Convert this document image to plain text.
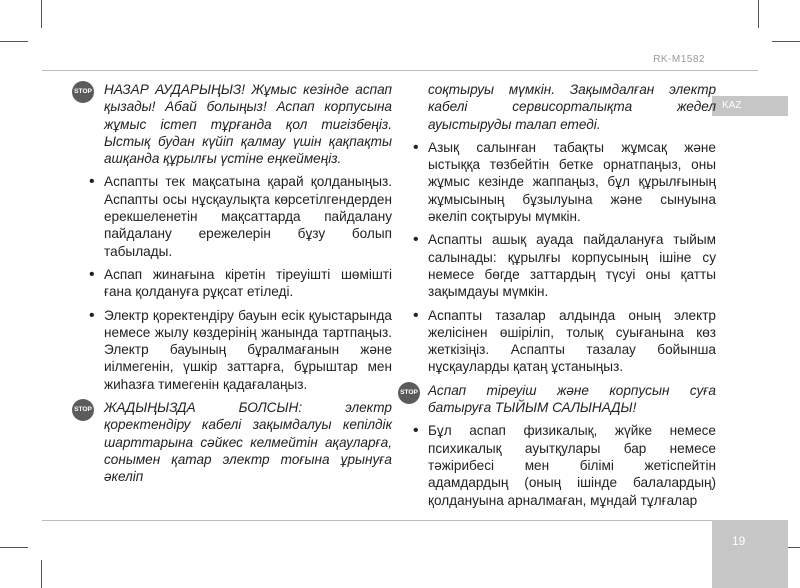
RK-M1582
KAZ
19
STOP НАЗАР АУДАРЫҢЫЗ! Жұмыс кезінде аспап қызады! Абай болыңыз! Аспап корпусына жұмыс істеп тұрғанда қол тигізбеңіз. Ыстық будан күйіп қалмау үшін қақпақты ашқанда құрылғы үстіне еңкеймеңіз.
• Аспапты тек мақсатына қарай қолданыңыз. Аспапты осы нұсқаулықта көрсетілгендерден ерекшеленетін мақсаттарда пайдалану пайдалану ережелерін бұзу болып табылады.
• Аспап жинағына кіретін тіреуішті шөмішті ғана қолдануға рұқсат етіледі.
• Электр қоректендіру бауын есік қуыстарында немесе жылу көздерінің жанында тартпаңыз. Электр бауының бұралмағанын және иілмегенін, үшкір заттарға, бұрыштар мен жиһазға тимегенін қадағалаңыз.
STOP ЖАДЫҢЫЗДА БОЛСЫН: электр қоректендіру кабелі зақымдалуы кепілдік шарттарына сәйкес келмейтін ақауларға, сонымен қатар электр тоғына ұрынуға әкеліп
соқтыруы мүмкін. Зақымдалған электр кабелі сервисорталықта жедел ауыстыруды талап етеді.
• Азық салынған табақты жұмсақ және ыстыққа төзбейтін бетке орнатпаңыз, оны жұмыс кезінде жаппаңыз, бұл құрылғының жұмысының бұзылуына және сынуына әкеліп соқтыруы мүмкін.
• Аспапты ашық ауада пайдалануға тыйым салынады: құрылғы корпусының ішіне су немесе бөгде заттардың түсуі оны қатты зақымдауы мүмкін.
• Аспапты тазалар алдында оның электр желісінен өшіріліп, толық суығанына көз жеткізіңіз. Аспапты тазалау бойынша нұсқауларды қатаң ұстаныңыз.
STOP Аспап тіреуіш және корпусын суға батыруға ТЫЙЫМ САЛЫНАДЫ!
• Бұл аспап физикалық, жүйке немесе психикалық ауытқулары бар немесе тәжірибесі мен білімі жетіспейтін адамдардың (оның ішінде балалардың) қолдануына арналмаған, мұндай тұлғалар
